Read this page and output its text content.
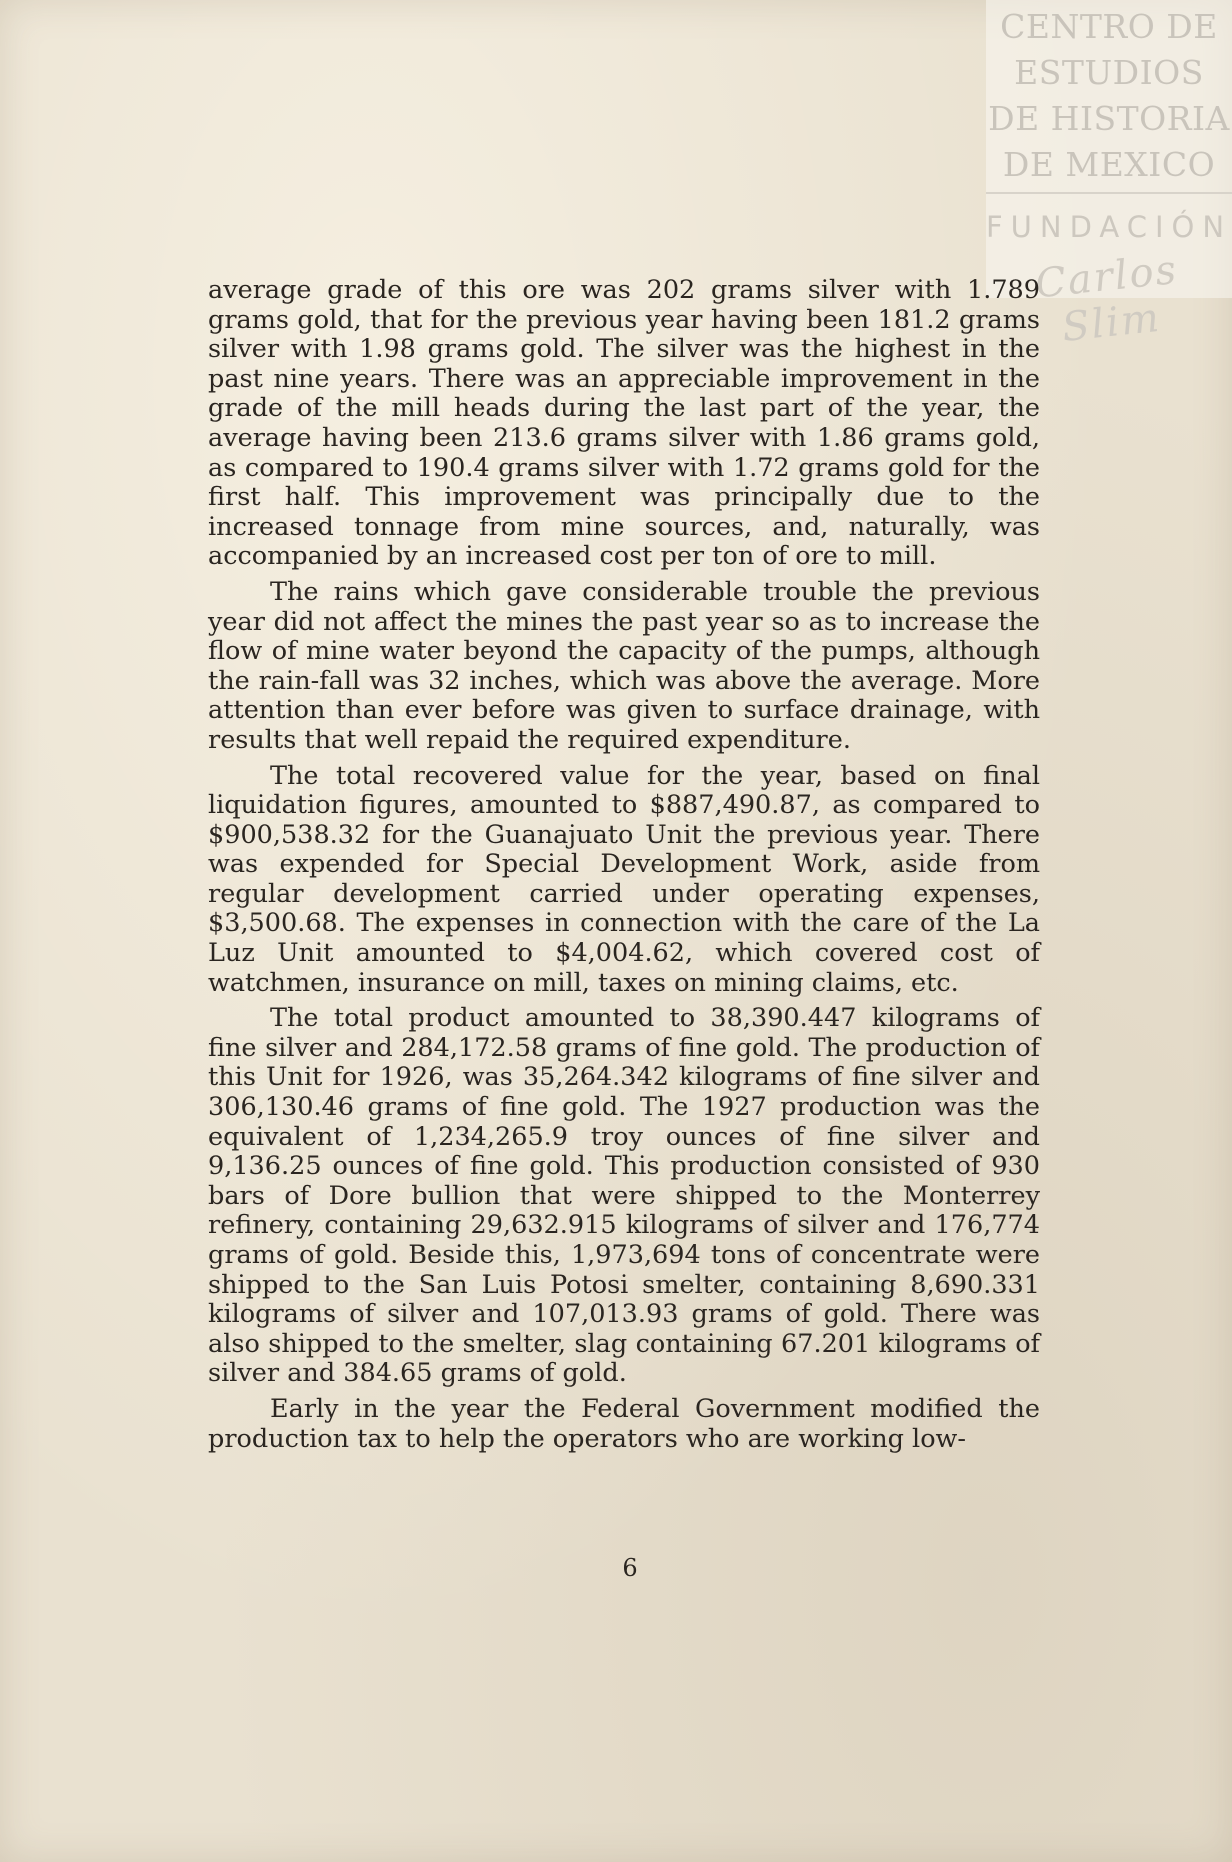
CENTRO DE
ESTUDIOS
DE HISTORIA
DE MEXICO
FUNDACIÓN
Carlos Slim

average grade of this ore was 202 grams silver with 1.789 grams gold, that for the previous year having been 181.2 grams silver with 1.98 grams gold. The silver was the highest in the past nine years. There was an appreciable improvement in the grade of the mill heads during the last part of the year, the average having been 213.6 grams silver with 1.86 grams gold, as compared to 190.4 grams silver with 1.72 grams gold for the first half. This improvement was principally due to the increased tonnage from mine sources, and, naturally, was accompanied by an increased cost per ton of ore to mill.

The rains which gave considerable trouble the previous year did not affect the mines the past year so as to increase the flow of mine water beyond the capacity of the pumps, although the rain-fall was 32 inches, which was above the average. More attention than ever before was given to surface drainage, with results that well repaid the required expenditure.

The total recovered value for the year, based on final liquidation figures, amounted to $887,490.87, as compared to $900,538.32 for the Guanajuato Unit the previous year. There was expended for Special Development Work, aside from regular development carried under operating expenses, $3,500.68. The expenses in connection with the care of the La Luz Unit amounted to $4,004.62, which covered cost of watchmen, insurance on mill, taxes on mining claims, etc.

The total product amounted to 38,390.447 kilograms of fine silver and 284,172.58 grams of fine gold. The production of this Unit for 1926, was 35,264.342 kilograms of fine silver and 306,130.46 grams of fine gold. The 1927 production was the equivalent of 1,234,265.9 troy ounces of fine silver and 9,136.25 ounces of fine gold. This production consisted of 930 bars of Dore bullion that were shipped to the Monterrey refinery, containing 29,632.915 kilograms of silver and 176,774 grams of gold. Beside this, 1,973,694 tons of concentrate were shipped to the San Luis Potosi smelter, containing 8,690.331 kilograms of silver and 107,013.93 grams of gold. There was also shipped to the smelter, slag containing 67.201 kilograms of silver and 384.65 grams of gold.

Early in the year the Federal Government modified the production tax to help the operators who are working low-

6
